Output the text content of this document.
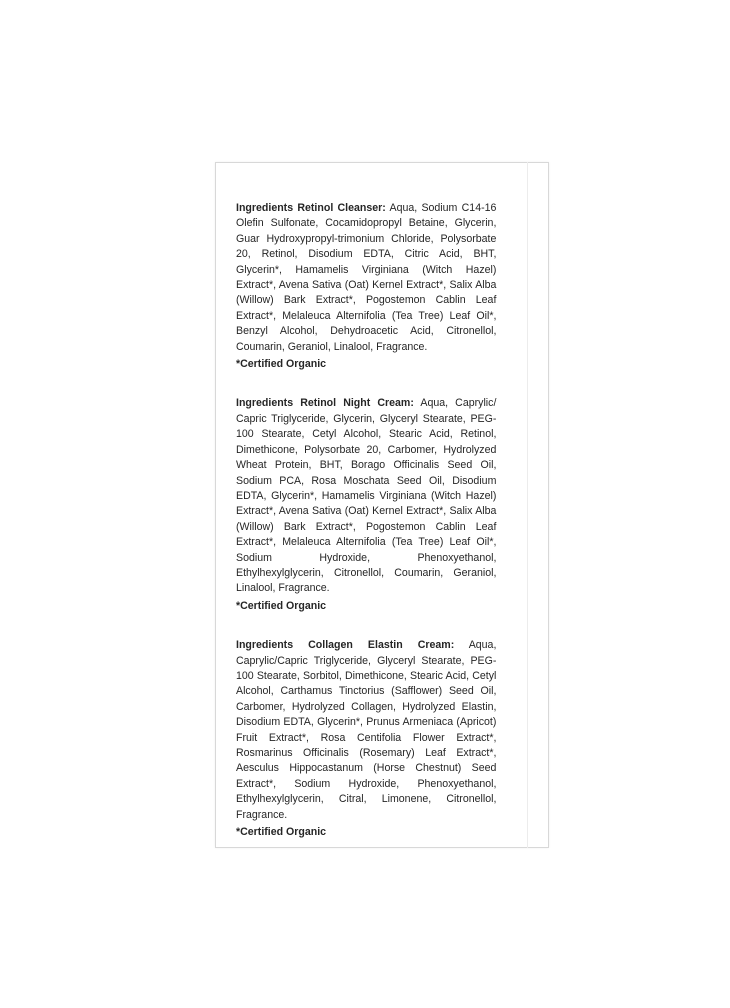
Ingredients Retinol Cleanser: Aqua, Sodium C14-16 Olefin Sulfonate, Cocamidopropyl Betaine, Glycerin, Guar Hydroxypropyl-trimonium Chloride, Polysorbate 20, Retinol, Disodium EDTA, Citric Acid, BHT, Glycerin*, Hamamelis Virginiana (Witch Hazel) Extract*, Avena Sativa (Oat) Kernel Extract*, Salix Alba (Willow) Bark Extract*, Pogostemon Cablin Leaf Extract*, Melaleuca Alternifolia (Tea Tree) Leaf Oil*, Benzyl Alcohol, Dehydroacetic Acid, Citronellol, Coumarin, Geraniol, Linalool, Fragrance.

*Certified Organic

Ingredients Retinol Night Cream: Aqua, Caprylic/ Capric Triglyceride, Glycerin, Glyceryl Stearate, PEG-100 Stearate, Cetyl Alcohol, Stearic Acid, Retinol, Dimethicone, Polysorbate 20, Carbomer, Hydrolyzed Wheat Protein, BHT, Borago Officinalis Seed Oil, Sodium PCA, Rosa Moschata Seed Oil, Disodium EDTA, Glycerin*, Hamamelis Virginiana (Witch Hazel) Extract*, Avena Sativa (Oat) Kernel Extract*, Salix Alba (Willow) Bark Extract*, Pogostemon Cablin Leaf Extract*, Melaleuca Alternifolia (Tea Tree) Leaf Oil*, Sodium Hydroxide, Phenoxyethanol, Ethylhexylglycerin, Citronellol, Coumarin, Geraniol, Linalool, Fragrance.

*Certified Organic

Ingredients Collagen Elastin Cream: Aqua, Caprylic/Capric Triglyceride, Glyceryl Stearate, PEG-100 Stearate, Sorbitol, Dimethicone, Stearic Acid, Cetyl Alcohol, Carthamus Tinctorius (Safflower) Seed Oil, Carbomer, Hydrolyzed Collagen, Hydrolyzed Elastin, Disodium EDTA, Glycerin*, Prunus Armeniaca (Apricot) Fruit Extract*, Rosa Centifolia Flower Extract*, Rosmarinus Officinalis (Rosemary) Leaf Extract*, Aesculus Hippocastanum (Horse Chestnut) Seed Extract*, Sodium Hydroxide, Phenoxyethanol, Ethylhexylglycerin, Citral, Limonene, Citronellol, Fragrance.

*Certified Organic
